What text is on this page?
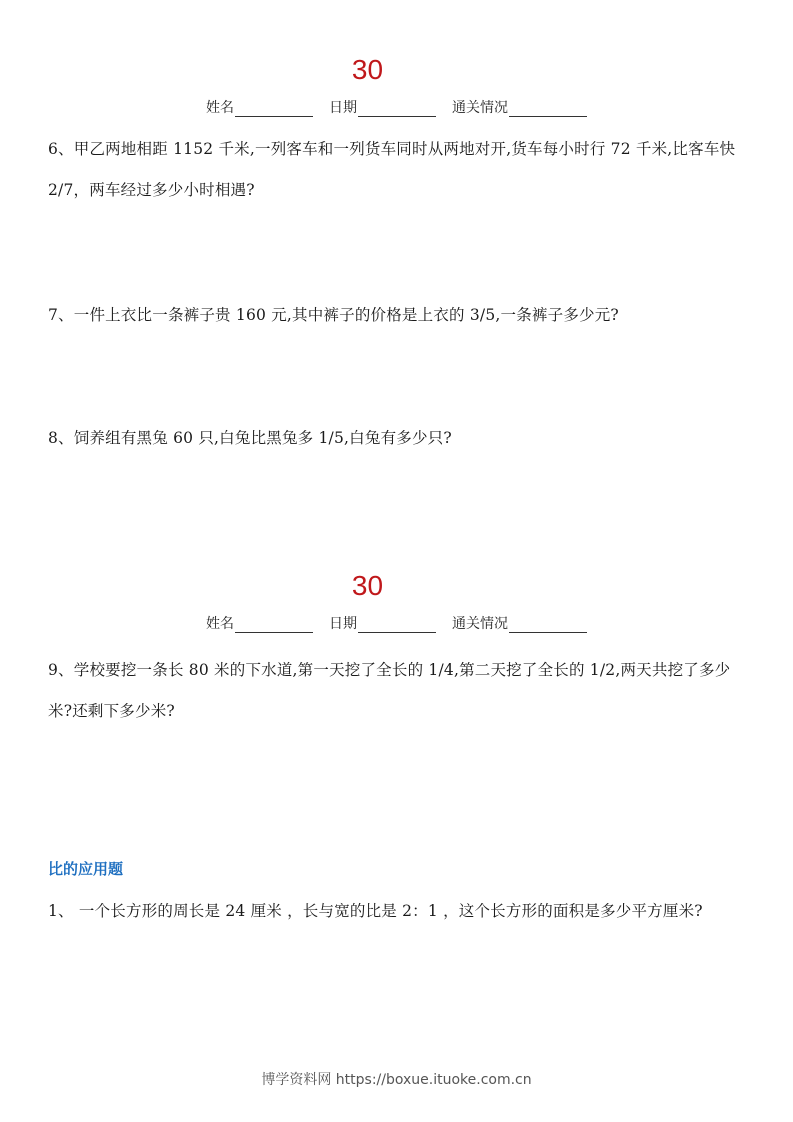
30
姓名	日期	通关情况
6、甲乙两地相距 1152 千米,一列客车和一列货车同时从两地对开,货车每小时行 72 千米,比客车快 2/7，两车经过多少小时相遇?
7、一件上衣比一条裤子贵 160 元,其中裤子的价格是上衣的 3/5,一条裤子多少元?
8、饲养组有黑兔 60 只,白兔比黑兔多 1/5,白兔有多少只?
30
姓名	日期	通关情况
9、学校要挖一条长 80 米的下水道,第一天挖了全长的 1/4,第二天挖了全长的 1/2,两天共挖了多少米?还剩下多少米?
比的应用题
1、 一个长方形的周长是 24 厘米 ，长与宽的比是 2：1 ，这个长方形的面积是多少平方厘米?
博学资料网 https://boxue.ituoke.com.cn
